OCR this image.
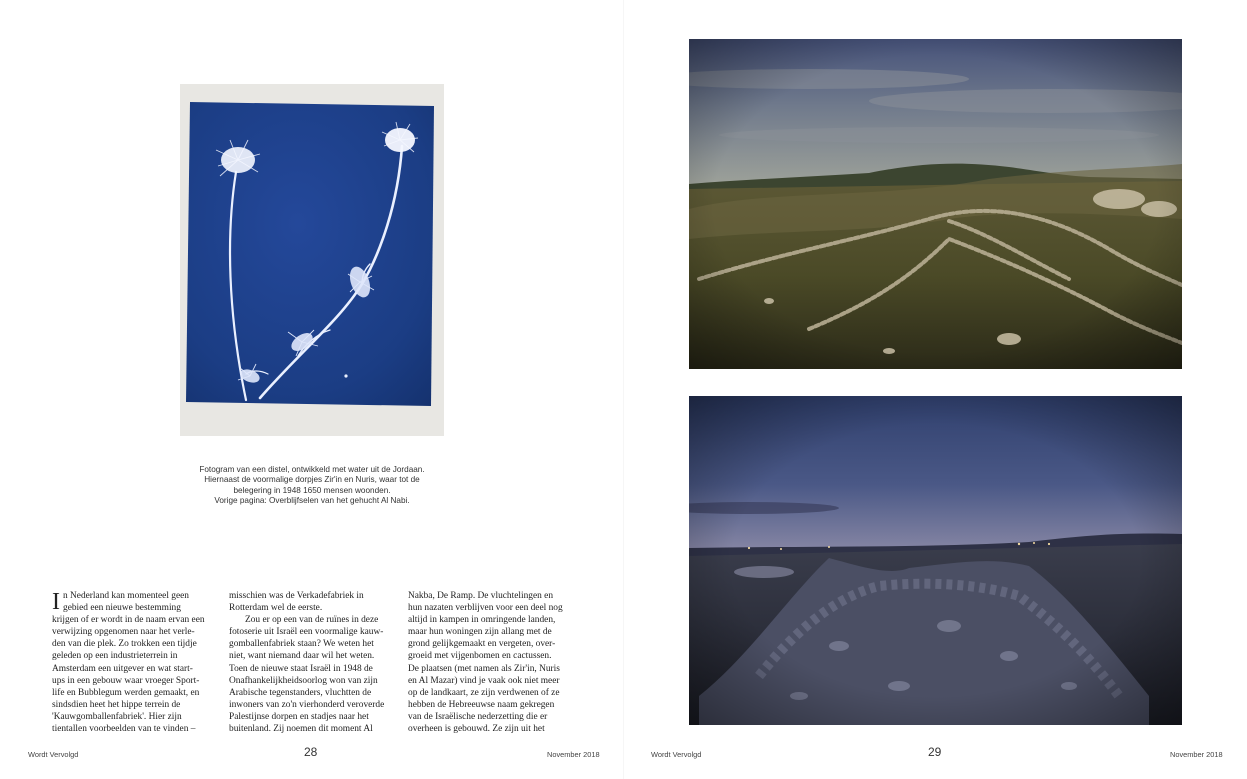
Fotogram van een distel, ontwikkeld met water uit de Jordaan.
Hiernaast de voormalige dorpjes Zir'in en Nuris, waar tot de
belegering in 1948 1650 mensen woonden.
Vorige pagina: Overblijfselen van het gehucht Al Nabi.
I n Nederland kan momenteel geen
gebied een nieuwe bestemming
krijgen of er wordt in de naam ervan een
verwijzing opgenomen naar het verle-
den van die plek. Zo trokken een tijdje
geleden op een industrieterrein in
Amsterdam een uitgever en wat start-
ups in een gebouw waar vroeger Sport-
life en Bubblegum werden gemaakt, en
sindsdien heet het hippe terrein de
'Kauwgomballenfabriek'. Hier zijn
tientallen voorbeelden van te vinden –
misschien was de Verkadefabriek in
Rotterdam wel de eerste.
Zou er op een van de ruïnes in deze
fotoserie uit Israël een voormalige kauw-
gomballenfabriek staan? We weten het
niet, want niemand daar wil het weten.
Toen de nieuwe staat Israël in 1948 de
Onafhankelijkheidsoorlog won van zijn
Arabische tegenstanders, vluchtten de
inwoners van zo'n vierhonderd veroverde
Palestijnse dorpen en stadjes naar het
buitenland. Zij noemen dit moment Al
Nakba, De Ramp. De vluchtelingen en
hun nazaten verblijven voor een deel nog
altijd in kampen in omringende landen,
maar hun woningen zijn allang met de
grond gelijkgemaakt en vergeten, over-
groeid met vijgenbomen en cactussen.
De plaatsen (met namen als Zir'in, Nuris
en Al Mazar) vind je vaak ook niet meer
op de landkaart, ze zijn verdwenen of ze
hebben de Hebreeuwse naam gekregen
van de Israëlische nederzetting die er
overheen is gebouwd. Ze zijn uit het
Wordt Vervolgd	28	November 2018	Wordt Vervolgd	29	November 2018
